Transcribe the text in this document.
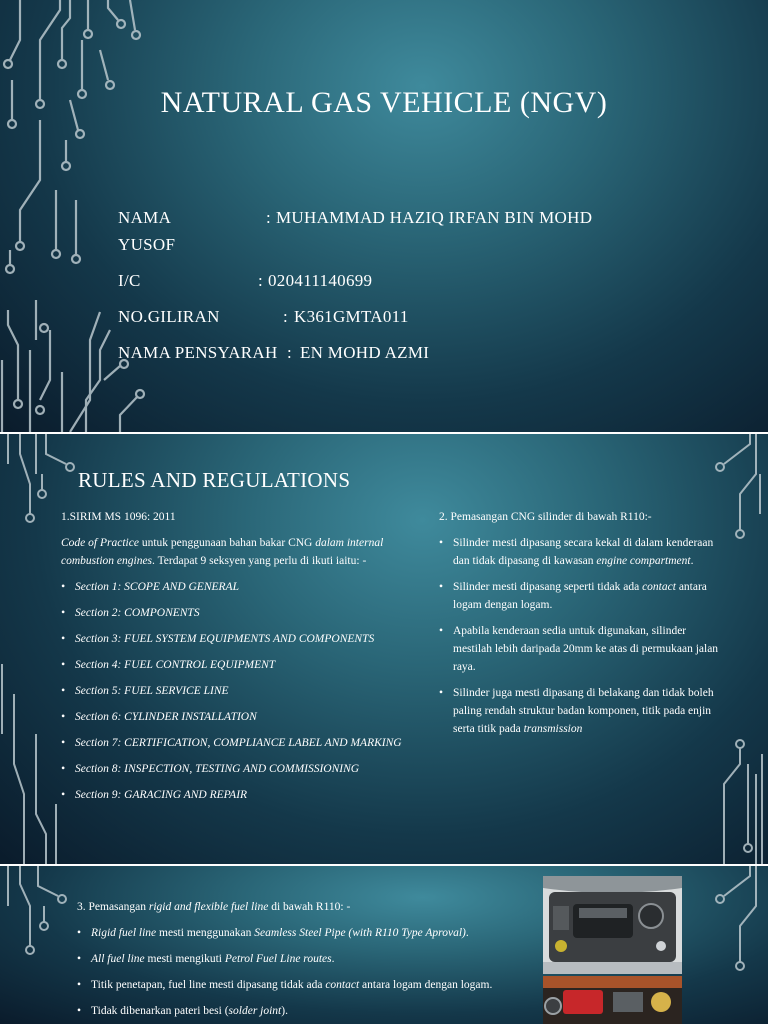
NATURAL GAS VEHICLE (NGV)
NAMA	: MUHAMMAD HAZIQ IRFAN BIN MOHD
YUSOF
I/C	: 020411140699
NO.GILIRAN	: K361GMTA011
NAMA PENSYARAH : EN MOHD AZMI
RULES AND REGULATIONS
1.SIRIM MS 1096: 2011
Code of Practice untuk penggunaan bahan bakar CNG dalam internal combustion engines. Terdapat 9 seksyen yang perlu di ikuti iaitu: -
• Section 1: SCOPE AND GENERAL
• Section 2: COMPONENTS
• Section 3: FUEL SYSTEM EQUIPMENTS AND COMPONENTS
• Section 4: FUEL CONTROL EQUIPMENT
• Section 5: FUEL SERVICE LINE
• Section 6: CYLINDER INSTALLATION
• Section 7: CERTIFICATION, COMPLIANCE LABEL AND MARKING
• Section 8: INSPECTION, TESTING AND COMMISSIONING
• Section 9: GARACING AND REPAIR
2. Pemasangan CNG silinder di bawah R110:-
• Silinder mesti dipasang secara kekal di dalam kenderaan dan tidak dipasang di kawasan engine compartment.
• Silinder mesti dipasang seperti tidak ada contact antara logam dengan logam.
• Apabila kenderaan sedia untuk digunakan, silinder mestilah lebih daripada 20mm ke atas di permukaan jalan raya.
• Silinder juga mesti dipasang di belakang dan tidak boleh paling rendah struktur badan komponen, titik pada enjin serta titik pada transmission
3. Pemasangan rigid and flexible fuel line di bawah R110: -
• Rigid fuel line mesti menggunakan Seamless Steel Pipe (with R110 Type Aproval).
• All fuel line mesti mengikuti Petrol Fuel Line routes.
• Titik penetapan, fuel line mesti dipasang tidak ada contact antara logam dengan logam.
• Tidak dibenarkan pateri besi (solder joint).
